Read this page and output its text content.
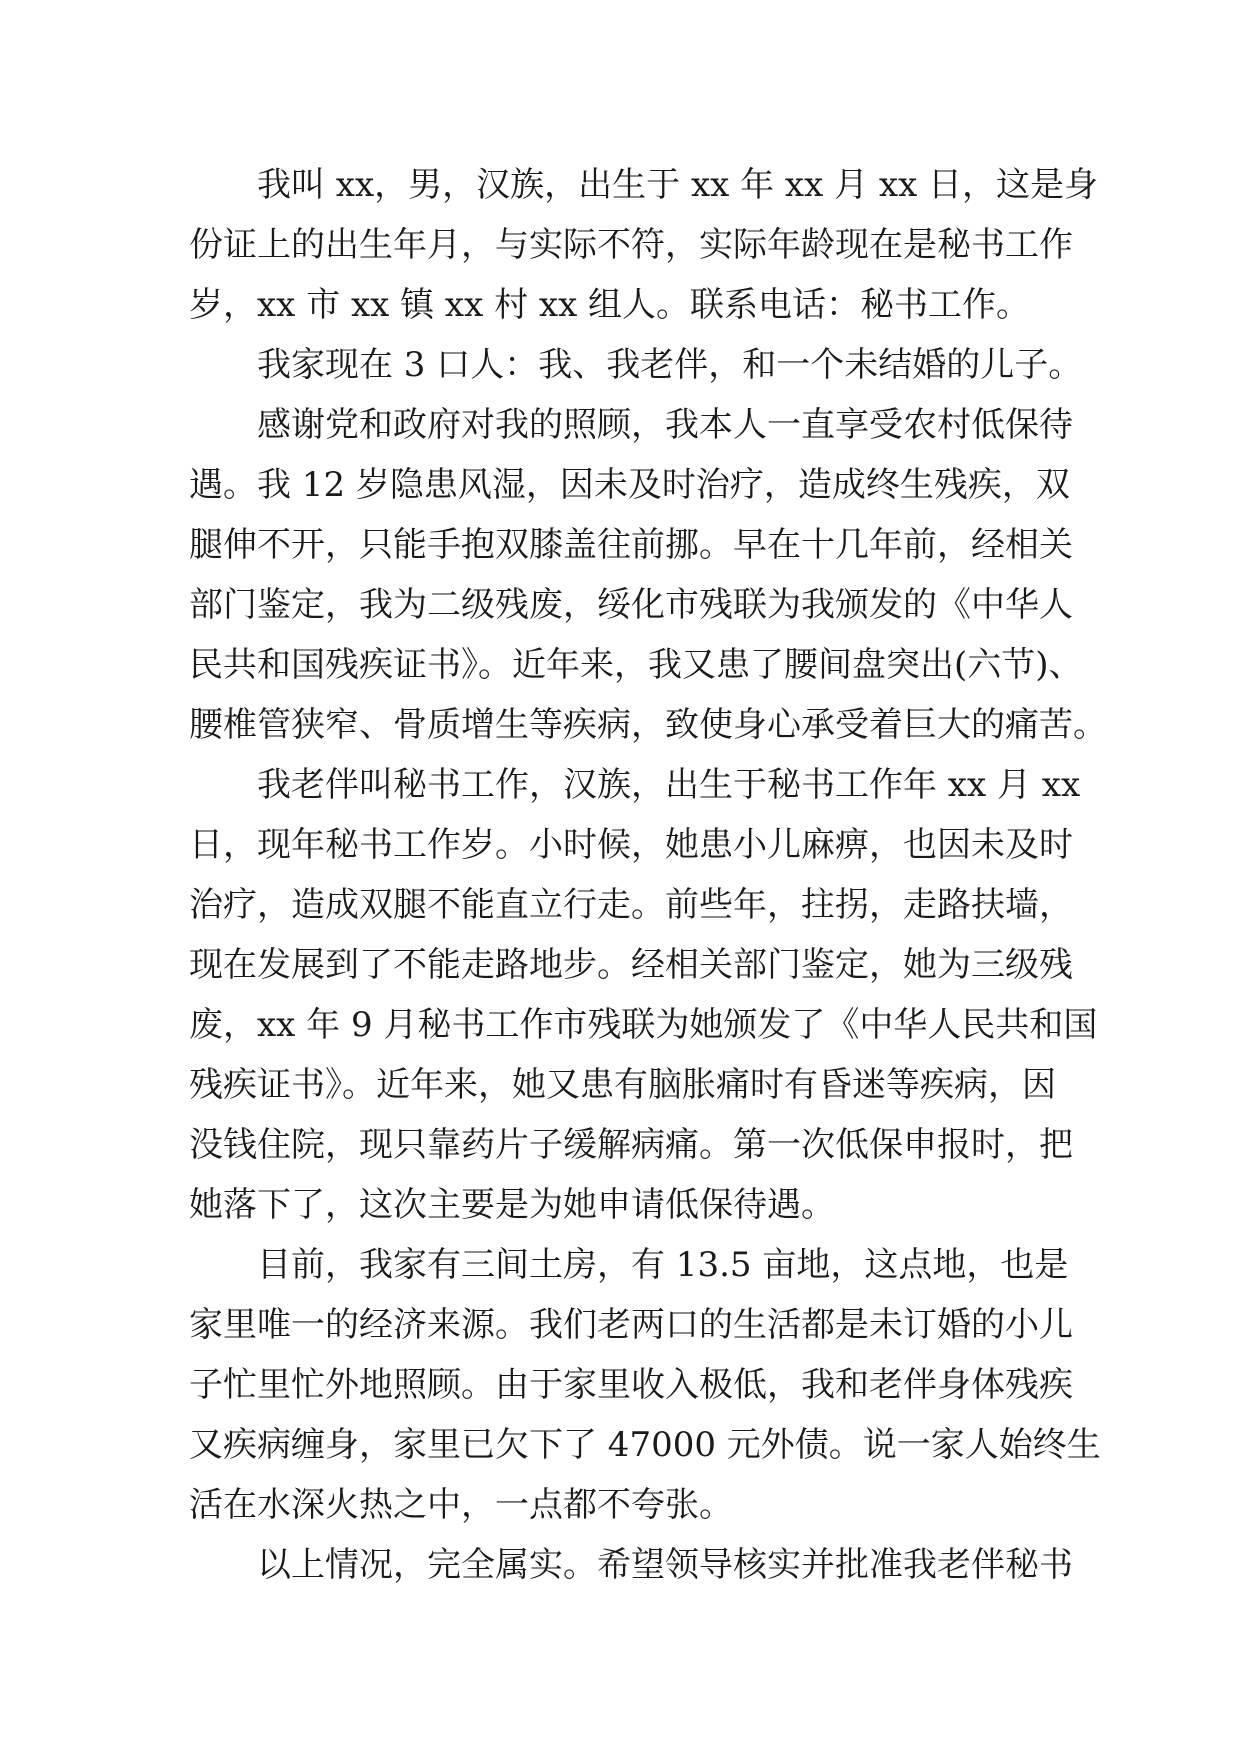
我叫 xx，男，汉族，出生于 xx 年 xx 月 xx 日，这是身
份证上的出生年月，与实际不符，实际年龄现在是秘书工作
岁，xx 市 xx 镇 xx 村 xx 组人。联系电话：秘书工作。
我家现在 3 口人：我、我老伴，和一个未结婚的儿子。
感谢党和政府对我的照顾，我本人一直享受农村低保待
遇。我 12 岁隐患风湿，因未及时治疗，造成终生残疾，双
腿伸不开，只能手抱双膝盖往前挪。早在十几年前，经相关
部门鉴定，我为二级残废，绥化市残联为我颁发的《中华人
民共和国残疾证书》。近年来，我又患了腰间盘突出(六节)、
腰椎管狭窄、骨质增生等疾病，致使身心承受着巨大的痛苦。
我老伴叫秘书工作，汉族，出生于秘书工作年 xx 月 xx
日，现年秘书工作岁。小时候，她患小儿麻痹，也因未及时
治疗，造成双腿不能直立行走。前些年，拄拐，走路扶墙，
现在发展到了不能走路地步。经相关部门鉴定，她为三级残
废，xx 年 9 月秘书工作市残联为她颁发了《中华人民共和国
残疾证书》。近年来，她又患有脑胀痛时有昏迷等疾病，因
没钱住院，现只靠药片子缓解病痛。第一次低保申报时，把
她落下了，这次主要是为她申请低保待遇。
目前，我家有三间土房，有 13.5 亩地，这点地，也是
家里唯一的经济来源。我们老两口的生活都是未订婚的小儿
子忙里忙外地照顾。由于家里收入极低，我和老伴身体残疾
又疾病缠身，家里已欠下了 47000 元外债。说一家人始终生
活在水深火热之中，一点都不夸张。
以上情况，完全属实。希望领导核实并批准我老伴秘书
